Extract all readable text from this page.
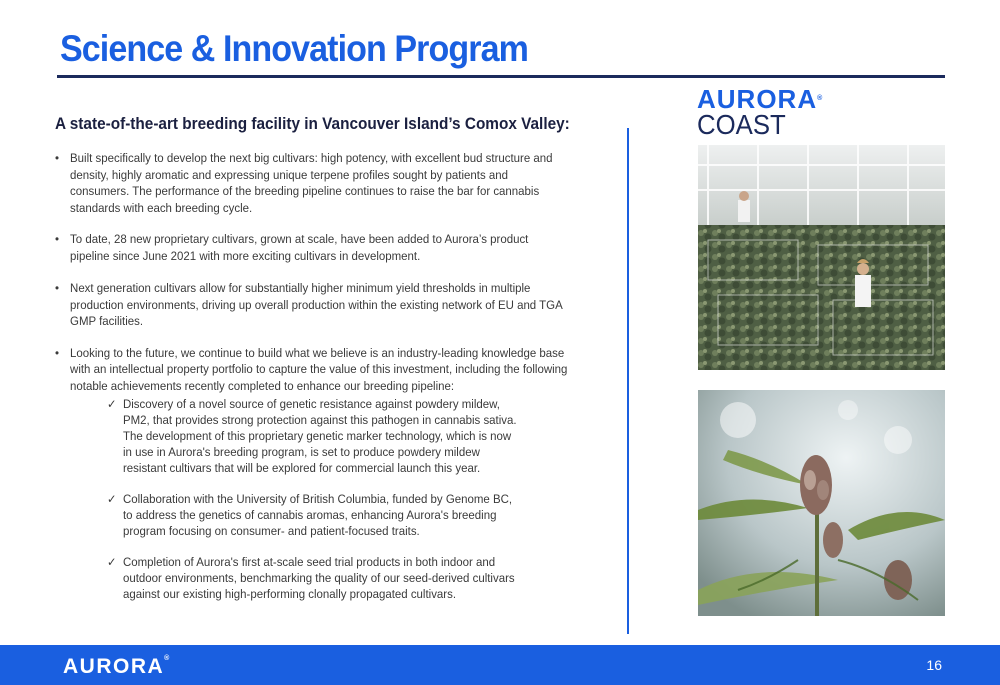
Science & Innovation Program
A state-of-the-art breeding facility in Vancouver Island’s Comox Valley:
• Built specifically to develop the next big cultivars: high potency, with excellent bud structure and density, highly aromatic and expressing unique terpene profiles sought by patients and consumers. The performance of the breeding pipeline continues to raise the bar for cannabis standards with each breeding cycle.
• To date, 28 new proprietary cultivars, grown at scale, have been added to Aurora’s product pipeline since June 2021 with more exciting cultivars in development.
• Next generation cultivars allow for substantially higher minimum yield thresholds in multiple production environments, driving up overall production within the existing network of EU and TGA GMP facilities.
• Looking to the future, we continue to build what we believe is an industry-leading knowledge base with an intellectual property portfolio to capture the value of this investment, including the following notable achievements recently completed to enhance our breeding pipeline:
✓ Discovery of a novel source of genetic resistance against powdery mildew, PM2, that provides strong protection against this pathogen in cannabis sativa. The development of this proprietary genetic marker technology, which is now in use in Aurora's breeding program, is set to produce powdery mildew resistant cultivars that will be explored for commercial launch this year.
✓ Collaboration with the University of British Columbia, funded by Genome BC, to address the genetics of cannabis aromas, enhancing Aurora's breeding program focusing on consumer- and patient-focused traits.
✓ Completion of Aurora's first at-scale seed trial products in both indoor and outdoor environments, benchmarking the quality of our seed-derived cultivars against our existing high-performing clonally propagated cultivars.
AURORA®
COAST
AURORA®	16
